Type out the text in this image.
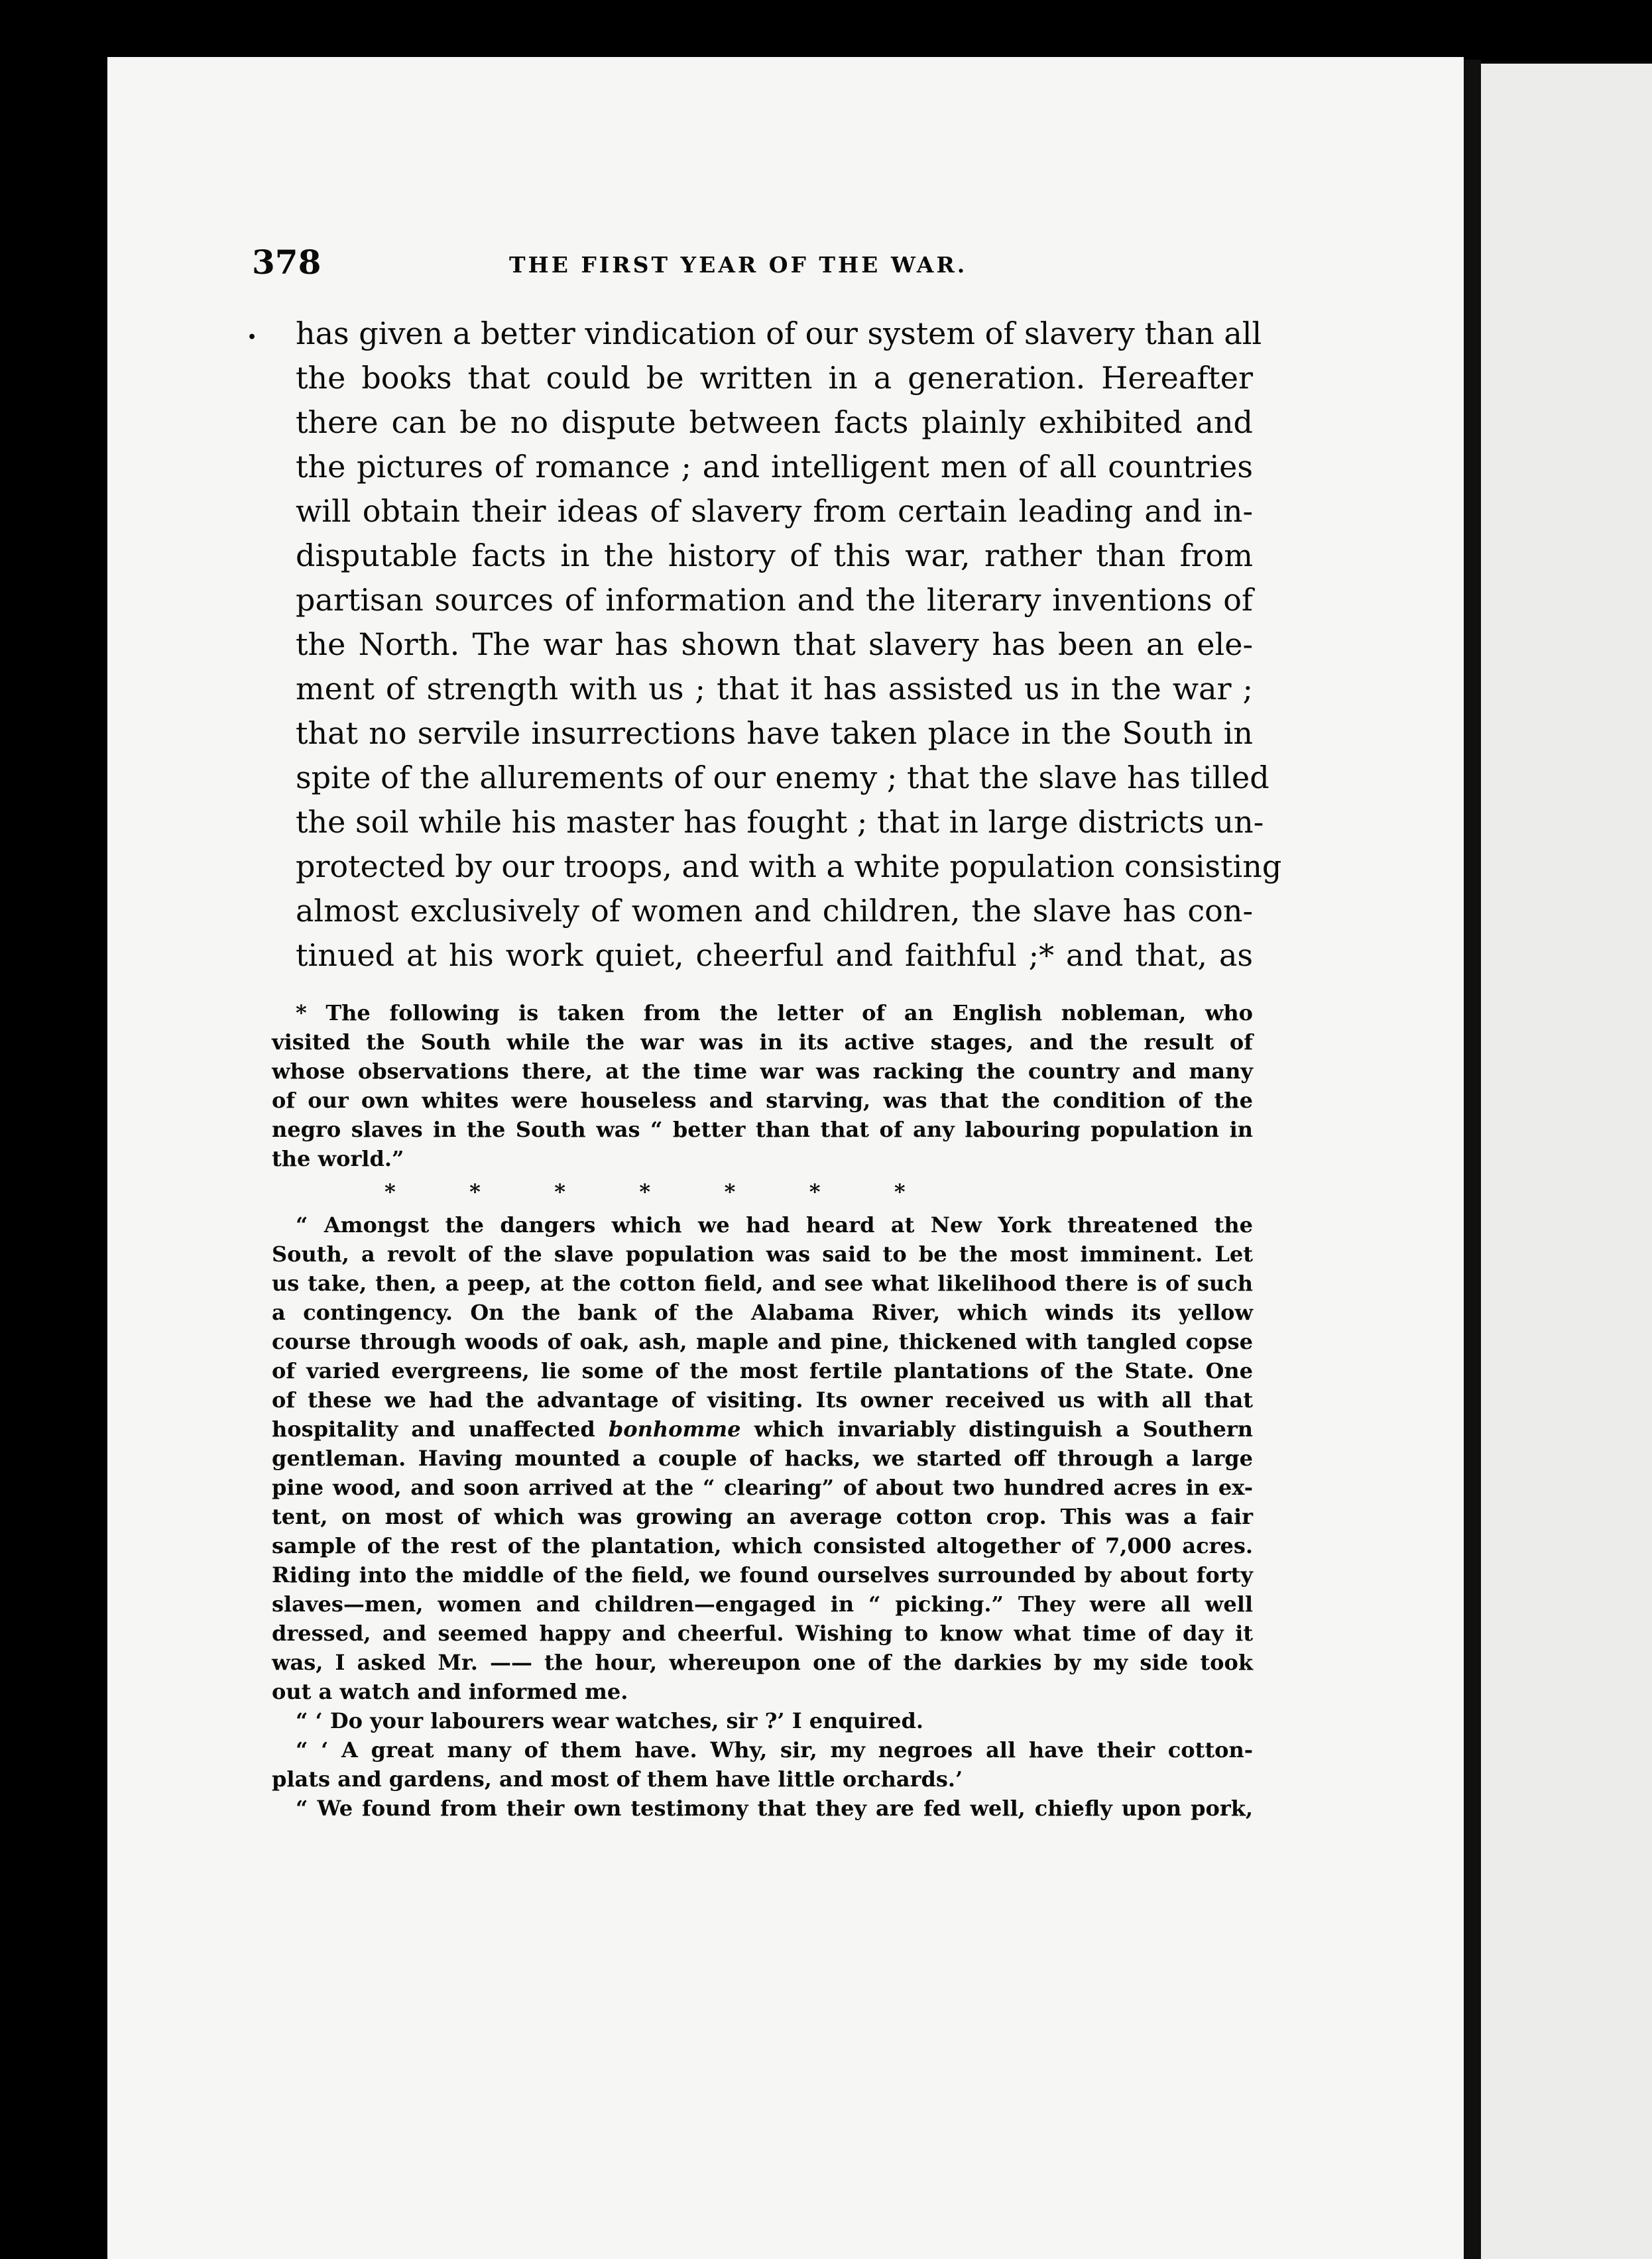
378	THE FIRST YEAR OF THE WAR.
• has given a better vindication of our system of slavery than all
the books that could be written in a generation. Hereafter
there can be no dispute between facts plainly exhibited and
the pictures of romance ; and intelligent men of all countries
will obtain their ideas of slavery from certain leading and in-
disputable facts in the history of this war, rather than from
partisan sources of information and the literary inventions of
the North. The war has shown that slavery has been an ele-
ment of strength with us ; that it has assisted us in the war ;
that no servile insurrections have taken place in the South in
spite of the allurements of our enemy ; that the slave has tilled
the soil while his master has fought ; that in large districts un-
protected by our troops, and with a white population consisting
almost exclusively of women and children, the slave has con-
tinued at his work quiet, cheerful and faithful ;* and that, as
* The following is taken from the letter of an English nobleman, who
visited the South while the war was in its active stages, and the result of
whose observations there, at the time war was racking the country and many
of our own whites were houseless and starving, was that the condition of the
negro slaves in the South was “ better than that of any labouring population in
the world.”
*          *          *          *          *          *          *
“ Amongst the dangers which we had heard at New York threatened the
South, a revolt of the slave population was said to be the most imminent. Let
us take, then, a peep, at the cotton field, and see what likelihood there is of such
a contingency. On the bank of the Alabama River, which winds its yellow
course through woods of oak, ash, maple and pine, thickened with tangled copse
of varied evergreens, lie some of the most fertile plantations of the State. One
of these we had the advantage of visiting. Its owner received us with all that
hospitality and unaffected bonhomme which invariably distinguish a Southern
gentleman. Having mounted a couple of hacks, we started off through a large
pine wood, and soon arrived at the “ clearing” of about two hundred acres in ex-
tent, on most of which was growing an average cotton crop. This was a fair
sample of the rest of the plantation, which consisted altogether of 7,000 acres.
Riding into the middle of the field, we found ourselves surrounded by about forty
slaves—men, women and children—engaged in “ picking.” They were all well
dressed, and seemed happy and cheerful. Wishing to know what time of day it
was, I asked Mr. —— the hour, whereupon one of the darkies by my side took
out a watch and informed me.
“ ‘ Do your labourers wear watches, sir ?’ I enquired.
“ ‘ A great many of them have. Why, sir, my negroes all have their cotton-
plats and gardens, and most of them have little orchards.’
“ We found from their own testimony that they are fed well, chiefly upon pork,
